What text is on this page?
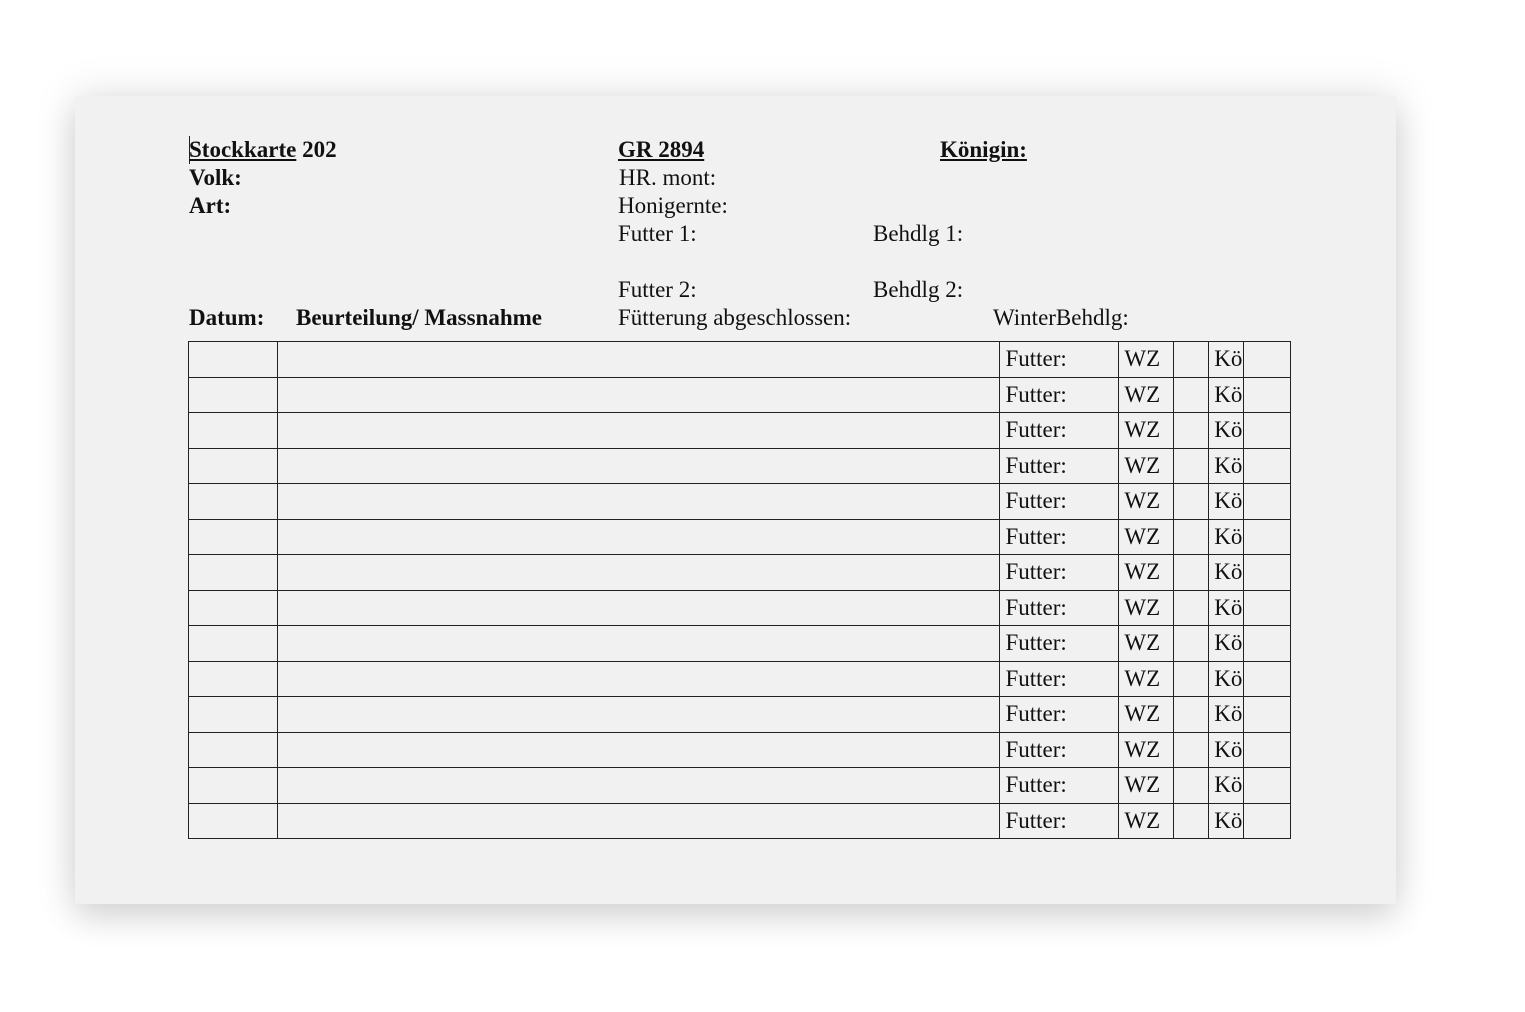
Stockkarte 202	GR 2894	Königin:
Volk:	HR. mont:
Art:	Honigernte:
Futter 1:	Behdlg 1:
Futter 2:	Behdlg 2:
Datum: Beurteilung/ Massnahme	Fütterung abgeschlossen:	WinterBehdlg:
		Futter:	WZ		Kö	
		Futter:	WZ		Kö	
		Futter:	WZ		Kö	
		Futter:	WZ		Kö	
		Futter:	WZ		Kö	
		Futter:	WZ		Kö	
		Futter:	WZ		Kö	
		Futter:	WZ		Kö	
		Futter:	WZ		Kö	
		Futter:	WZ		Kö	
		Futter:	WZ		Kö	
		Futter:	WZ		Kö	
		Futter:	WZ		Kö	
		Futter:	WZ		Kö	
